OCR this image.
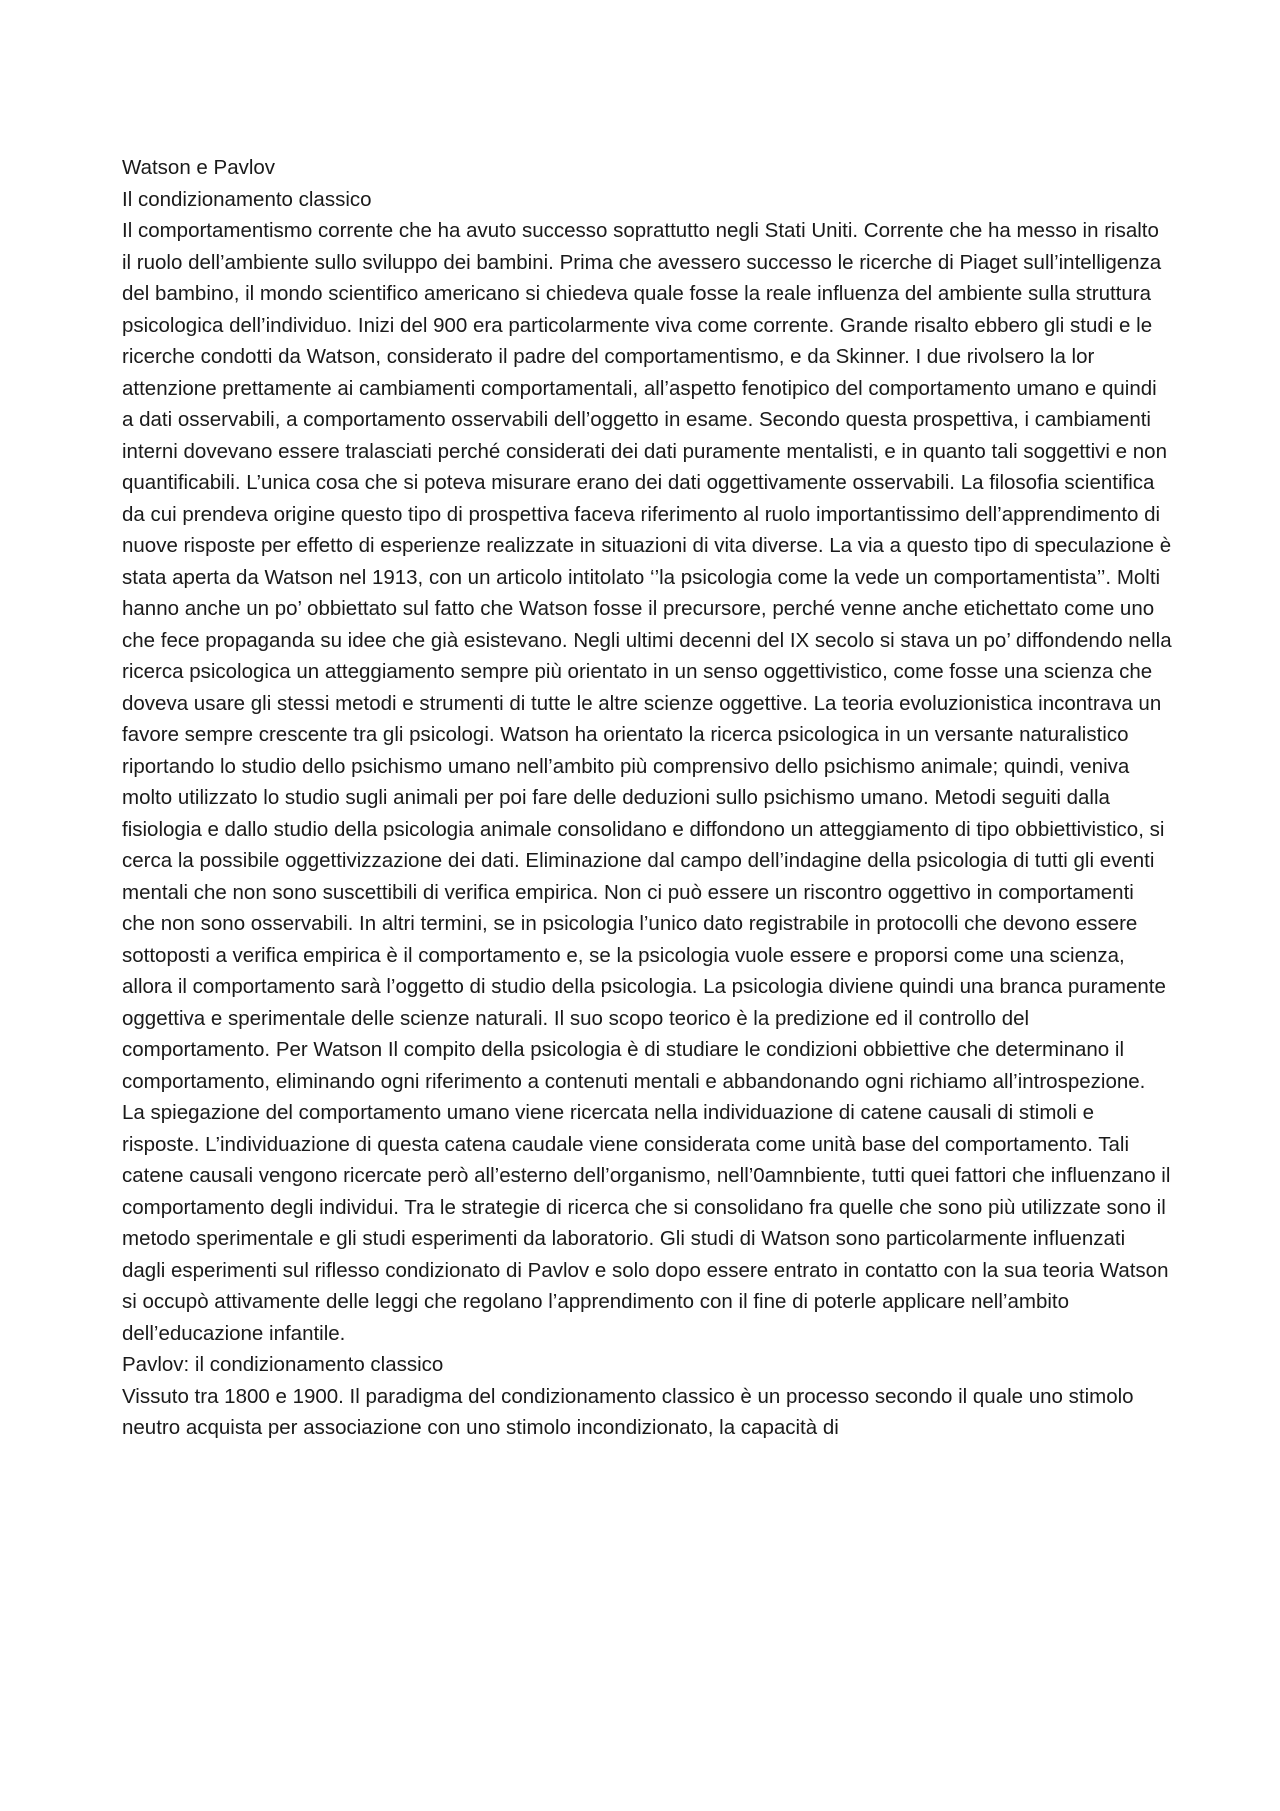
Watson e Pavlov

Il condizionamento classico

Il comportamentismo corrente che ha avuto successo soprattutto negli Stati Uniti. Corrente che ha messo in risalto il ruolo dell’ambiente sullo sviluppo dei bambini. Prima che avessero successo le ricerche di Piaget sull’intelligenza del bambino, il mondo scientifico americano si chiedeva quale fosse la reale influenza del ambiente sulla struttura psicologica dell’individuo. Inizi del 900 era particolarmente viva come corrente. Grande risalto ebbero gli studi e le ricerche condotti da Watson, considerato il padre del comportamentismo, e da Skinner. I due rivolsero la lor attenzione prettamente ai cambiamenti comportamentali, all’aspetto fenotipico del comportamento umano e quindi a dati osservabili, a comportamento osservabili dell’oggetto in esame. Secondo questa prospettiva, i cambiamenti interni dovevano essere tralasciati perché considerati dei dati puramente mentalisti, e in quanto tali soggettivi e non quantificabili. L’unica cosa che si poteva misurare erano dei dati oggettivamente osservabili. La filosofia scientifica da cui prendeva origine questo tipo di prospettiva faceva riferimento al ruolo importantissimo dell’apprendimento di nuove risposte per effetto di esperienze realizzate in situazioni di vita diverse. La via a questo tipo di speculazione è stata aperta da Watson nel 1913, con un articolo intitolato ‘’la psicologia come la vede un comportamentista’’. Molti hanno anche un po’ obbiettato sul fatto che Watson fosse il precursore, perché venne anche etichettato come uno che fece propaganda su idee che già esistevano. Negli ultimi decenni del IX secolo si stava un po’ diffondendo nella ricerca psicologica un atteggiamento sempre più orientato in un senso oggettivistico, come fosse una scienza che doveva usare gli stessi metodi e strumenti di tutte le altre scienze oggettive. La teoria evoluzionistica incontrava un favore sempre crescente tra gli psicologi. Watson ha orientato la ricerca psicologica in un versante naturalistico riportando lo studio dello psichismo umano nell’ambito più comprensivo dello psichismo animale; quindi, veniva molto utilizzato lo studio sugli animali per poi fare delle deduzioni sullo psichismo umano. Metodi seguiti dalla fisiologia e dallo studio della psicologia animale consolidano e diffondono un atteggiamento di tipo obbiettivistico, si cerca la possibile oggettivizzazione dei dati. Eliminazione dal campo dell’indagine della psicologia di tutti gli eventi mentali che non sono suscettibili di verifica empirica. Non ci può essere un riscontro oggettivo in comportamenti che non sono osservabili. In altri termini, se in psicologia l’unico dato registrabile in protocolli che devono essere sottoposti a verifica empirica è il comportamento e, se la psicologia vuole essere e proporsi come una scienza, allora il comportamento sarà l’oggetto di studio della psicologia. La psicologia diviene quindi una branca puramente oggettiva e sperimentale delle scienze naturali. Il suo scopo teorico è la predizione ed il controllo del comportamento. Per Watson Il compito della psicologia è di studiare le condizioni obbiettive che determinano il comportamento, eliminando ogni riferimento a contenuti mentali e abbandonando ogni richiamo all’introspezione. La spiegazione del comportamento umano viene ricercata nella individuazione di catene causali di stimoli e risposte. L’individuazione di questa catena caudale viene considerata come unità base del comportamento. Tali catene causali vengono ricercate però all’esterno dell’organismo, nell’0amnbiente, tutti quei fattori che influenzano il comportamento degli individui. Tra le strategie di ricerca che si consolidano fra quelle che sono più utilizzate sono il metodo sperimentale e gli studi esperimenti da laboratorio. Gli studi di Watson sono particolarmente influenzati dagli esperimenti sul riflesso condizionato di Pavlov e solo dopo essere entrato in contatto con la sua teoria Watson si occupò attivamente delle leggi che regolano l’apprendimento con il fine di poterle applicare nell’ambito dell’educazione infantile.

Pavlov: il condizionamento classico

Vissuto tra 1800 e 1900. Il paradigma del condizionamento classico è un processo secondo il quale uno stimolo neutro acquista per associazione con uno stimolo incondizionato, la capacità di
